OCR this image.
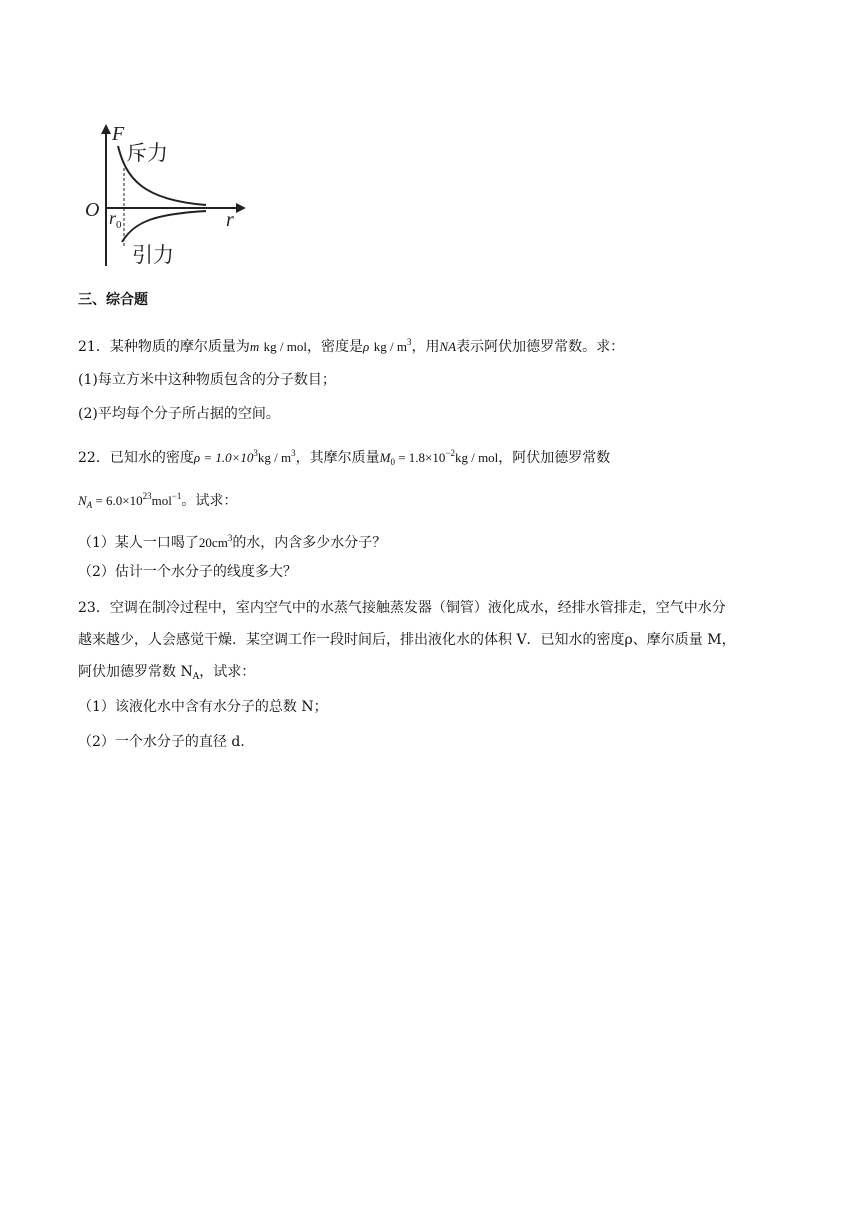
F
r
O $r_0$
斥力
引力
三、综合题
21．某种物质的摩尔质量为m kg / mol，密度是ρ kg / $m^3$，用NA表示阿伏加德罗常数。求：
(1)每立方米中这种物质包含的分子数目；
(2)平均每个分子所占据的空间。
22．已知水的密度$\rho = 1.0\times 10^3kg / m^3$，其摩尔质量$M_0 = 1.8\times 10^{-2}kg$ / mol，阿伏加德罗常数
$N_A = 6.0\times 10^{23}mol^{-1}$。试求：
（1）某人一口喝了$20cm^3$的水，内含多少水分子？
（2）估计一个水分子的线度多大？
23．空调在制冷过程中，室内空气中的水蒸气接触蒸发器（铜管）液化成水，经排水管排走，空气中水分
越来越少，人会感觉干燥．某空调工作一段时间后，排出液化水的体积 V．已知水的密度ρ、摩尔质量 M，
阿伏加德罗常数 $N_A$，试求：
（1）该液化水中含有水分子的总数 N；
（2）一个水分子的直径 d．
